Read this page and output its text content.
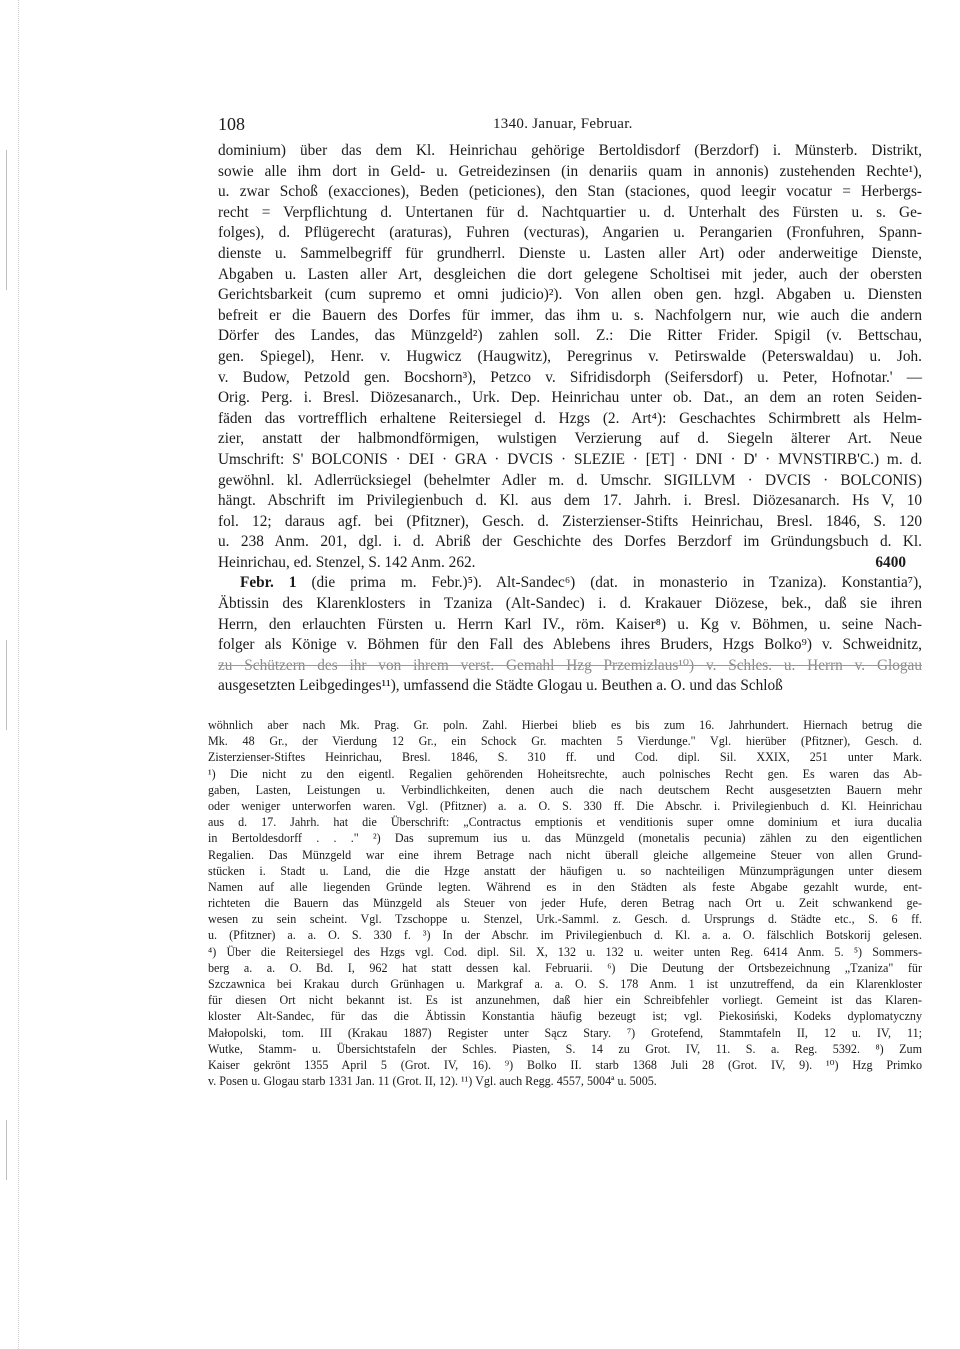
108	1340. Januar, Februar.
dominium) über das dem Kl. Heinrichau gehörige Bertoldisdorf (Berzdorf) i. Münsterb. Distrikt,
sowie alle ihm dort in Geld- u. Getreidezinsen (in denariis quam in annonis) zustehenden Rechte¹),
u. zwar Schoß (exacciones), Beden (peticiones), den Stan (staciones, quod leegir vocatur = Herbergs-
recht = Verpflichtung d. Untertanen für d. Nachtquartier u. d. Unterhalt des Fürsten u. s. Ge-
folges), d. Pflügerecht (araturas), Fuhren (vecturas), Angarien u. Perangarien (Fronfuhren, Spann-
dienste u. Sammelbegriff für grundherrl. Dienste u. Lasten aller Art) oder anderweitige Dienste,
Abgaben u. Lasten aller Art, desgleichen die dort gelegene Scholtisei mit jeder, auch der obersten
Gerichtsbarkeit (cum supremo et omni judicio)²). Von allen oben gen. hzgl. Abgaben u. Diensten
befreit er die Bauern des Dorfes für immer, das ihm u. s. Nachfolgern nur, wie auch die andern
Dörfer des Landes, das Münzgeld²) zahlen soll. Z.: Die Ritter Frider. Spigil (v. Bettschau,
gen. Spiegel), Henr. v. Hugwicz (Haugwitz), Peregrinus v. Petirswalde (Peterswaldau) u. Joh.
v. Budow, Petzold gen. Bocshorn³), Petzco v. Sifridisdorph (Seifersdorf) u. Peter, Hofnotar.' —
Orig. Perg. i. Bresl. Diözesanarch., Urk. Dep. Heinrichau unter ob. Dat., an dem an roten Seiden-
fäden das vortrefflich erhaltene Reitersiegel d. Hzgs (2. Art⁴): Geschachtes Schirmbrett als Helm-
zier, anstatt der halbmondförmigen, wulstigen Verzierung auf d. Siegeln älterer Art. Neue
Umschrift: S' BOLCONIS · DEI · GRA · DVCIS · SLEZIE · [ET] · DNI · D' · MVNSTIRB'C.) m. d.
gewöhnl. kl. Adlerrücksiegel (behelmter Adler m. d. Umschr. SIGILLVM · DVCIS · BOLCONIS)
hängt. Abschrift im Privilegienbuch d. Kl. aus dem 17. Jahrh. i. Bresl. Diözesanarch. Hs V, 10
fol. 12; daraus agf. bei (Pfitzner), Gesch. d. Zisterzienser-Stifts Heinrichau, Bresl. 1846, S. 120
u. 238 Anm. 201, dgl. i. d. Abriß der Geschichte des Dorfes Berzdorf im Gründungsbuch d. Kl.
Heinrichau, ed. Stenzel, S. 142 Anm. 262.	6400
Febr. 1 (die prima m. Febr.)⁵). Alt-Sandec⁶) (dat. in monasterio in Tzaniza). Konstantia⁷),
Äbtissin des Klarenklosters in Tzaniza (Alt-Sandec) i. d. Krakauer Diözese, bek., daß sie ihren
Herrn, den erlauchten Fürsten u. Herrn Karl IV., röm. Kaiser⁸) u. Kg v. Böhmen, u. seine Nach-
folger als Könige v. Böhmen für den Fall des Ablebens ihres Bruders, Hzgs Bolko⁹) v. Schweidnitz,
zu Schützern des ihr von ihrem verst. Gemahl Hzg Przemizlaus¹⁰) v. Schles. u. Herrn v. Glogau
ausgesetzten Leibgedinges¹¹), umfassend die Städte Glogau u. Beuthen a. O. und das Schloß
wöhnlich aber nach Mk. Prag. Gr. poln. Zahl. Hierbei blieb es bis zum 16. Jahrhundert. Hiernach betrug die
Mk. 48 Gr., der Vierdung 12 Gr., ein Schock Gr. machten 5 Vierdunge." Vgl. hierüber (Pfitzner), Gesch. d.
Zisterzienser-Stiftes Heinrichau, Bresl. 1846, S. 310 ff. und Cod. dipl. Sil. XXIX, 251 unter Mark.
¹) Die nicht zu den eigentl. Regalien gehörenden Hoheitsrechte, auch polnisches Recht gen. Es waren das Ab-
gaben, Lasten, Leistungen u. Verbindlichkeiten, denen auch die nach deutschem Recht ausgesetzten Bauern mehr
oder weniger unterworfen waren. Vgl. (Pfitzner) a. a. O. S. 330 ff. Die Abschr. i. Privilegienbuch d. Kl. Heinrichau
aus d. 17. Jahrh. hat die Überschrift: „Contractus emptionis et venditionis super omne dominium et iura ducalia
in Bertoldesdorff . . ." ²) Das supremum ius u. das Münzgeld (monetalis pecunia) zählen zu den eigentlichen
Regalien. Das Münzgeld war eine ihrem Betrage nach nicht überall gleiche allgemeine Steuer von allen Grund-
stücken i. Stadt u. Land, die die Hzge anstatt der häufigen u. so nachteiligen Münzumprägungen unter diesem
Namen auf alle liegenden Gründe legten. Während es in den Städten als feste Abgabe gezahlt wurde, ent-
richteten die Bauern das Münzgeld als Steuer von jeder Hufe, deren Betrag nach Ort u. Zeit schwankend ge-
wesen zu sein scheint. Vgl. Tzschoppe u. Stenzel, Urk.-Samml. z. Gesch. d. Ursprungs d. Städte etc., S. 6 ff.
u. (Pfitzner) a. a. O. S. 330 f. ³) In der Abschr. im Privilegienbuch d. Kl. a. a. O. fälschlich Botskorij gelesen.
⁴) Über die Reitersiegel des Hzgs vgl. Cod. dipl. Sil. X, 132 u. 132 u. weiter unten Reg. 6414 Anm. 5. ⁵) Sommers-
berg a. a. O. Bd. I, 962 hat statt dessen kal. Februarii. ⁶) Die Deutung der Ortsbezeichnung „Tzaniza" für
Szczawnica bei Krakau durch Grünhagen u. Markgraf a. a. O. S. 178 Anm. 1 ist unzutreffend, da ein Klarenkloster
für diesen Ort nicht bekannt ist. Es ist anzunehmen, daß hier ein Schreibfehler vorliegt. Gemeint ist das Klaren-
kloster Alt-Sandec, für das die Äbtissin Konstantia häufig bezeugt ist; vgl. Piekosiński, Kodeks dyplomatyczny
Małopolski, tom. III (Krakau 1887) Register unter Sącz Stary. ⁷) Grotefend, Stammtafeln II, 12 u. IV, 11;
Wutke, Stamm- u. Übersichtstafeln der Schles. Piasten, S. 14 zu Grot. IV, 11. S. a. Reg. 5392. ⁸) Zum
Kaiser gekrönt 1355 April 5 (Grot. IV, 16). ⁹) Bolko II. starb 1368 Juli 28 (Grot. IV, 9). ¹⁰) Hzg Primko
v. Posen u. Glogau starb 1331 Jan. 11 (Grot. II, 12). ¹¹) Vgl. auch Regg. 4557, 5004ª u. 5005.
